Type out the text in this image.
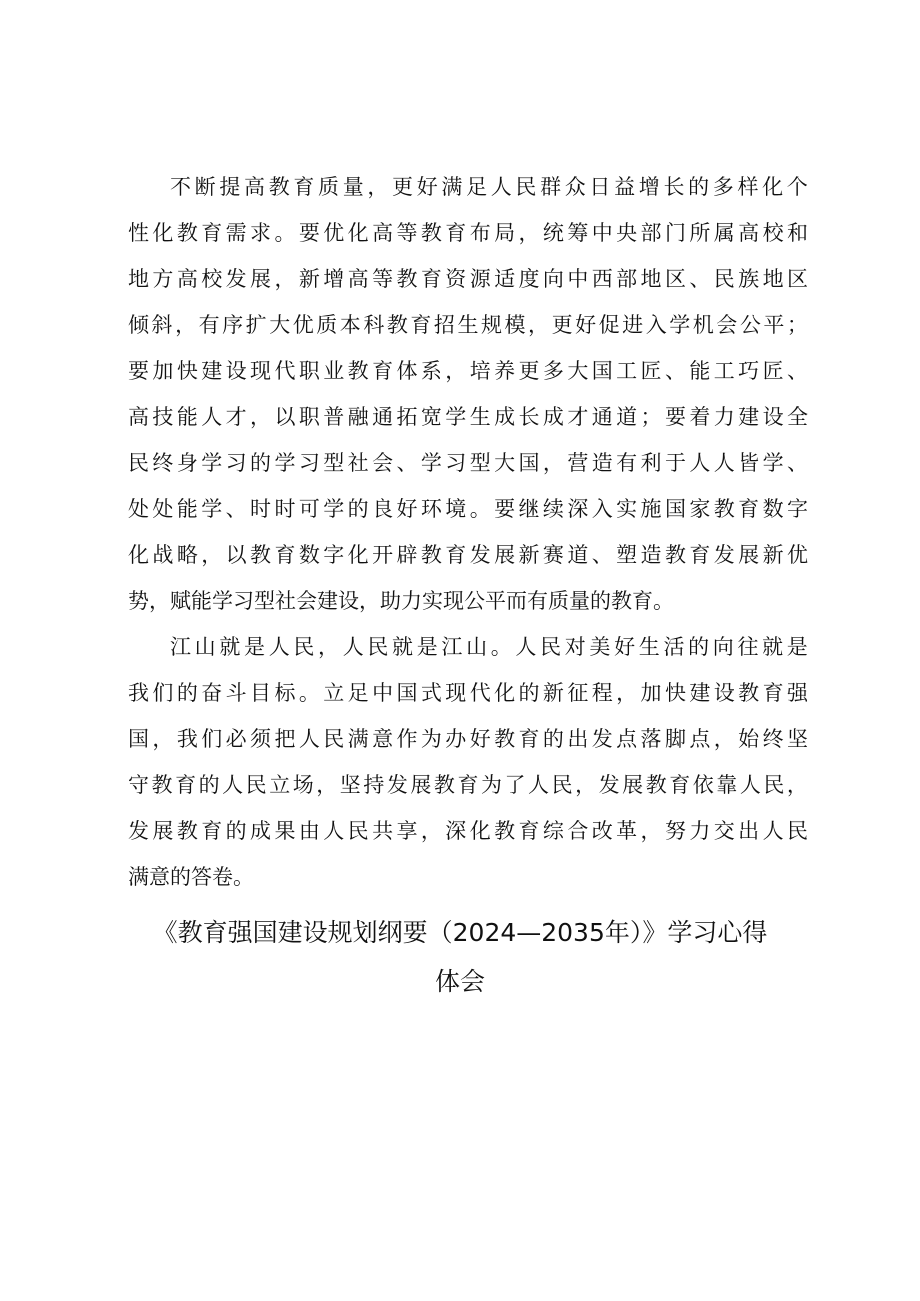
不 断 提 高 教 育 质 量 ， 更 好 满 足 人 民 群 众 日 益 增 长 的 多 样 化 个
性 化 教 育 需 求 。 要 优 化 高 等 教 育 布 局 ， 统 筹 中 央 部 门 所 属 高 校 和
地 方 高 校 发 展 ， 新 增 高 等 教 育 资 源 适 度 向 中 西 部 地 区 、 民 族 地 区
倾 斜 ， 有 序 扩 大 优 质 本 科 教 育 招 生 规 模 ， 更 好 促 进 入 学 机 会 公 平 ；
要 加 快 建 设 现 代 职 业 教 育 体 系 ， 培 养 更 多 大 国 工 匠 、 能 工 巧 匠 、
高 技 能 人 才 ， 以 职 普 融 通 拓 宽 学 生 成 长 成 才 通 道 ； 要 着 力 建 设 全
民 终 身 学 习 的 学 习 型 社 会 、 学 习 型 大 国 ， 营 造 有 利 于 人 人 皆 学 、
处 处 能 学 、 时 时 可 学 的 良 好 环 境 。 要 继 续 深 入 实 施 国 家 教 育 数 字
化 战 略 ， 以 教 育 数 字 化 开 辟 教 育 发 展 新 赛 道 、 塑 造 教 育 发 展 新 优
势，赋能学习型社会建设，助力实现公平而有质量的教育。
江 山 就 是 人 民 ， 人 民 就 是 江 山 。 人 民 对 美 好 生 活 的 向 往 就 是
我 们 的 奋 斗 目 标 。 立 足 中 国 式 现 代 化 的 新 征 程 ， 加 快 建 设 教 育 强
国 ， 我 们 必 须 把 人 民 满 意 作 为 办 好 教 育 的 出 发 点 落 脚 点 ， 始 终 坚
守 教 育 的 人 民 立 场 ， 坚 持 发 展 教 育 为 了 人 民 ， 发 展 教 育 依 靠 人 民 ，
发 展 教 育 的 成 果 由 人 民 共 享 ， 深 化 教 育 综 合 改 革 ， 努 力 交 出 人 民
满意的答卷。
《教育强国建设规划纲要（2024—2035年）》学习心得
体会
